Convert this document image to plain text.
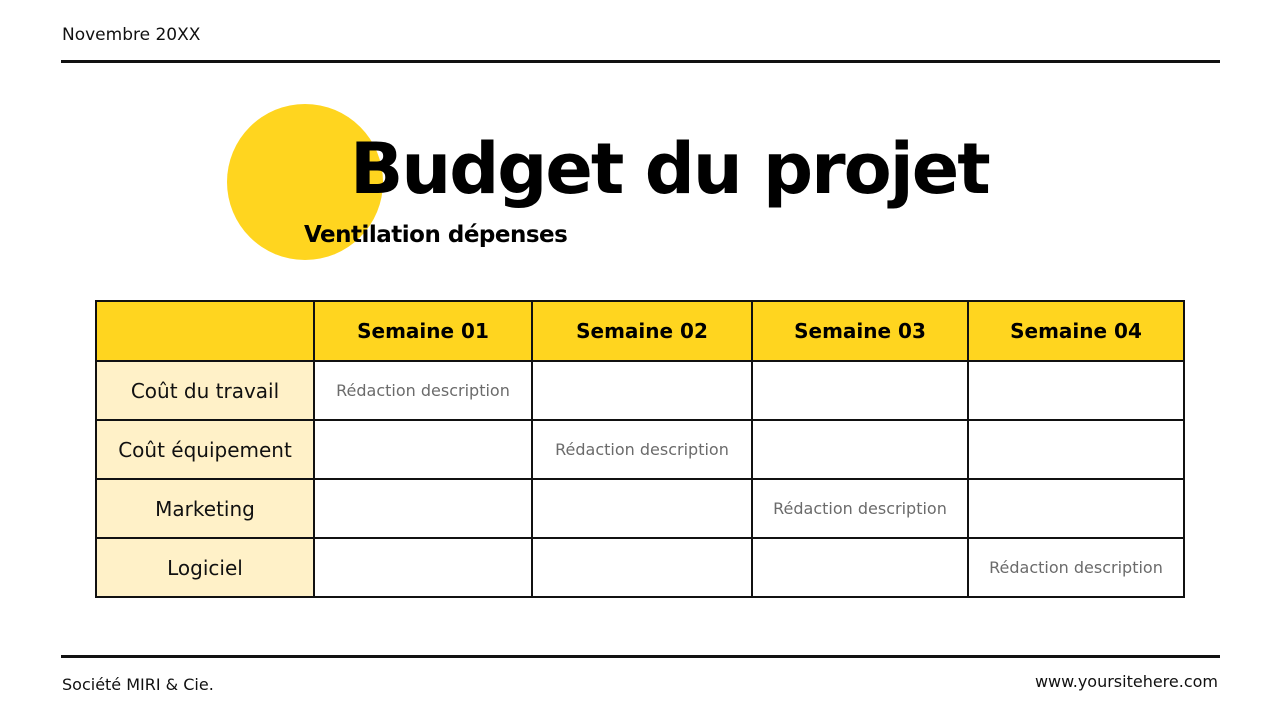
Novembre 20XX
Budget du projet
Ventilation dépenses
	Semaine 01	Semaine 02	Semaine 03	Semaine 04
Coût du travail	Rédaction description			
Coût équipement		Rédaction description		
Marketing			Rédaction description	
Logiciel				Rédaction description
Société MIRI & Cie.	www.yoursitehere.com
